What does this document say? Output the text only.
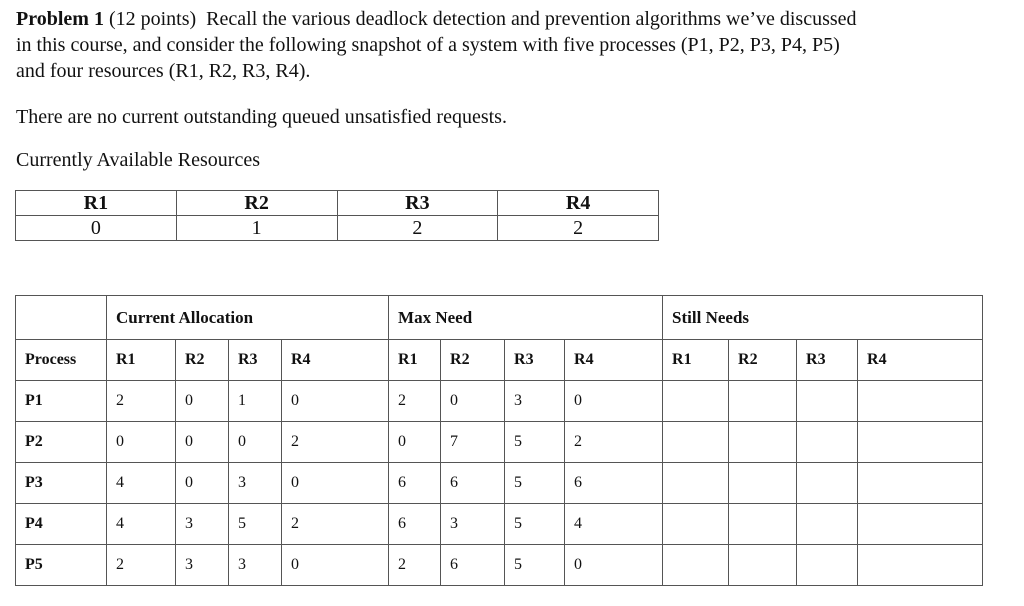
Problem 1 (12 points) Recall the various deadlock detection and prevention algorithms we’ve discussed
in this course, and consider the following snapshot of a system with five processes (P1, P2, P3, P4, P5)
and four resources (R1, R2, R3, R4).
There are no current outstanding queued unsatisfied requests.
Currently Available Resources
R1	R2	R3	R4
0	1	2	2
	Current Allocation				Max Need				Still Needs			
Process	R1	R2	R3	R4	R1	R2	R3	R4	R1	R2	R3	R4
P1	2	0	1	0	2	0	3	0				
P2	0	0	0	2	0	7	5	2				
P3	4	0	3	0	6	6	5	6				
P4	4	3	5	2	6	3	5	4				
P5	2	3	3	0	2	6	5	0				
